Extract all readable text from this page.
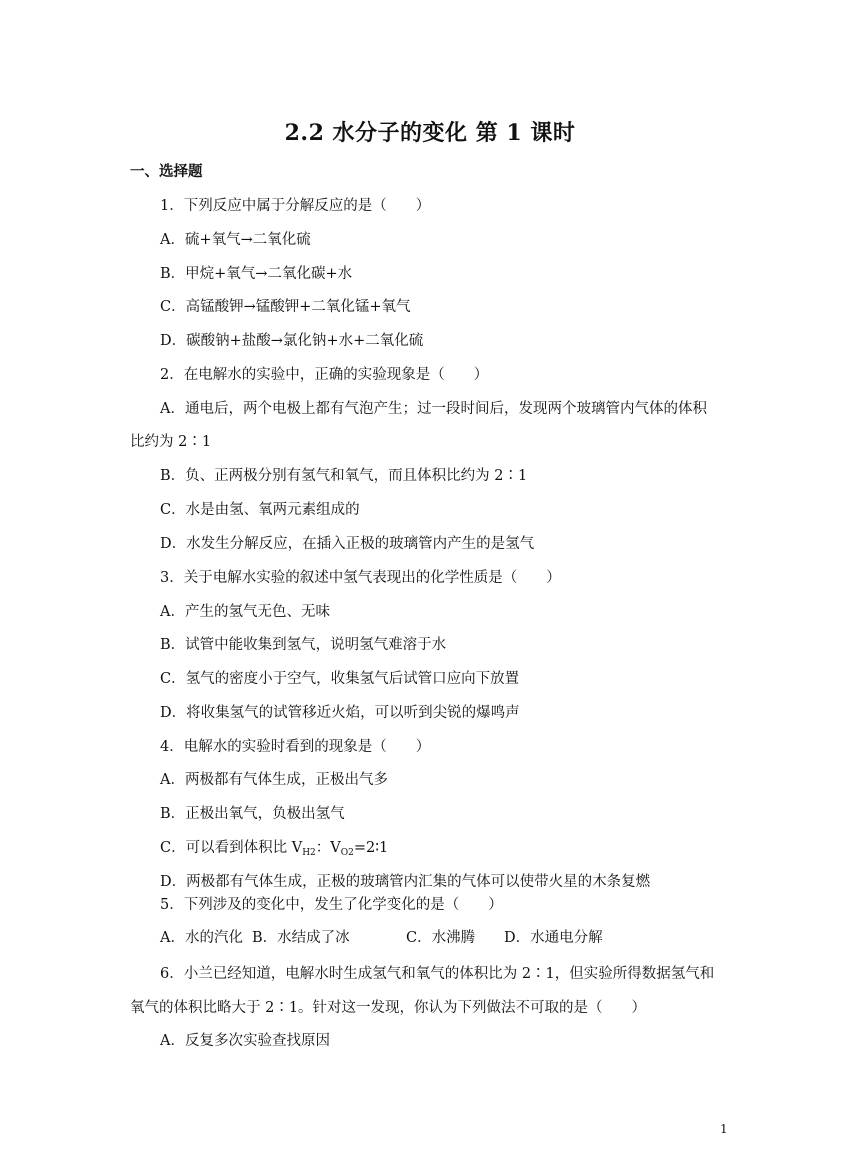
2.2 水分子的变化 第 1 课时
一、选择题
1．下列反应中属于分解反应的是（　　）
A．硫+氧气→二氧化硫
B．甲烷+氧气→二氧化碳+水
C．高锰酸钾→锰酸钾+二氧化锰+氧气
D．碳酸钠+盐酸→氯化钠+水+二氧化硫
2．在电解水的实验中，正确的实验现象是（　　）
A．通电后，两个电极上都有气泡产生；过一段时间后，发现两个玻璃管内气体的体积
比约为 2∶1
B．负、正两极分别有氢气和氧气，而且体积比约为 2∶1
C．水是由氢、氧两元素组成的
D．水发生分解反应，在插入正极的玻璃管内产生的是氢气
3．关于电解水实验的叙述中氢气表现出的化学性质是（　　）
A．产生的氢气无色、无味
B．试管中能收集到氢气，说明氢气难溶于水
C．氢气的密度小于空气，收集氢气后试管口应向下放置
D．将收集氢气的试管移近火焰，可以听到尖锐的爆鸣声
4．电解水的实验时看到的现象是（　　）
A．两极都有气体生成，正极出气多
B．正极出氧气，负极出氢气
C．可以看到体积比 $V_{H2}$：$V_{O2}=2∶1$
D．两极都有气体生成，正极的玻璃管内汇集的气体可以使带火星的木条复燃
5．下列涉及的变化中，发生了化学变化的是（　　）
A．水的汽化 B．水结成了冰	C．水沸腾 D．水通电分解
6．小兰已经知道，电解水时生成氢气和氧气的体积比为 2∶1，但实验所得数据氢气和
氧气的体积比略大于 2∶1。针对这一发现，你认为下列做法不可取的是（　　）
A．反复多次实验查找原因
1
